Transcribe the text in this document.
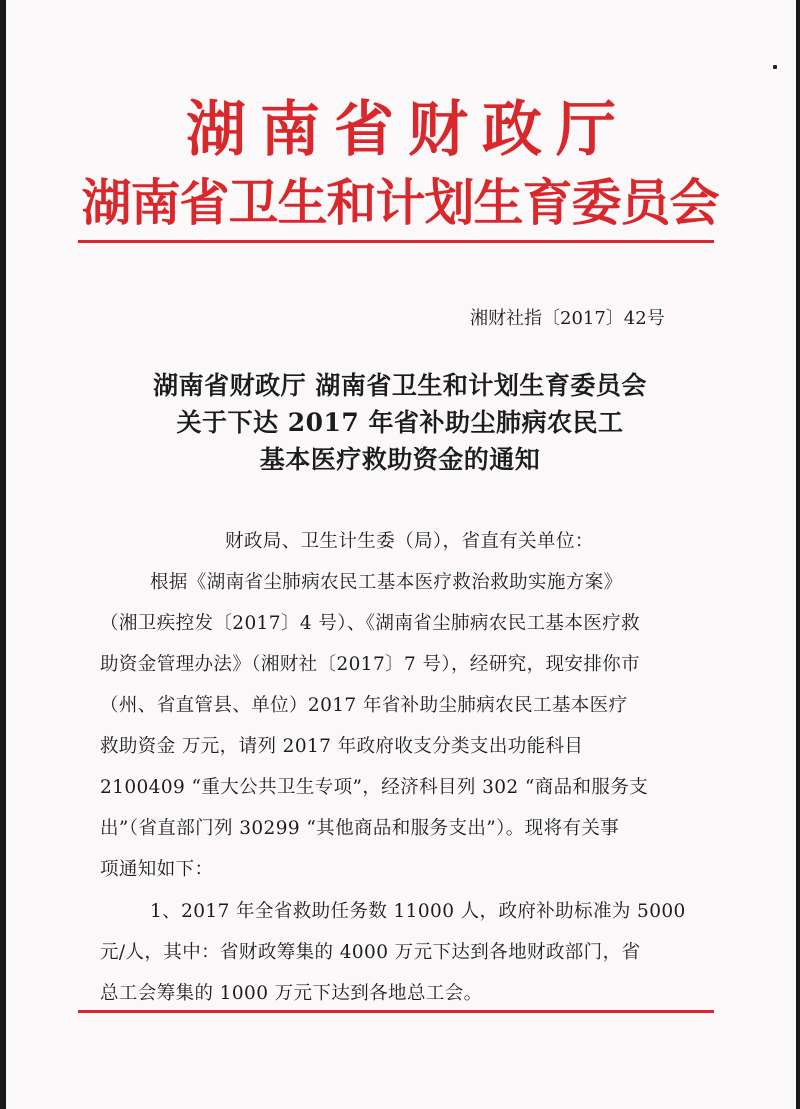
湖南省财政厅
湖南省卫生和计划生育委员会
湘财社指〔2017〕42号
湖南省财政厅 湖南省卫生和计划生育委员会
关于下达 2017 年省补助尘肺病农民工
基本医疗救助资金的通知
财政局、卫生计生委（局），省直有关单位：
根据《湖南省尘肺病农民工基本医疗救治救助实施方案》
（湘卫疾控发〔2017〕4 号）、《湖南省尘肺病农民工基本医疗救
助资金管理办法》（湘财社〔2017〕7 号），经研究，现安排你市
（州、省直管县、单位）2017 年省补助尘肺病农民工基本医疗
救助资金 万元，请列 2017 年政府收支分类支出功能科目
2100409 “重大公共卫生专项”，经济科目列 302 “商品和服务支
出”（省直部门列 30299 “其他商品和服务支出”）。现将有关事
项通知如下：
1、2017 年全省救助任务数 11000 人，政府补助标准为 5000
元/人，其中：省财政筹集的 4000 万元下达到各地财政部门，省
总工会筹集的 1000 万元下达到各地总工会。
